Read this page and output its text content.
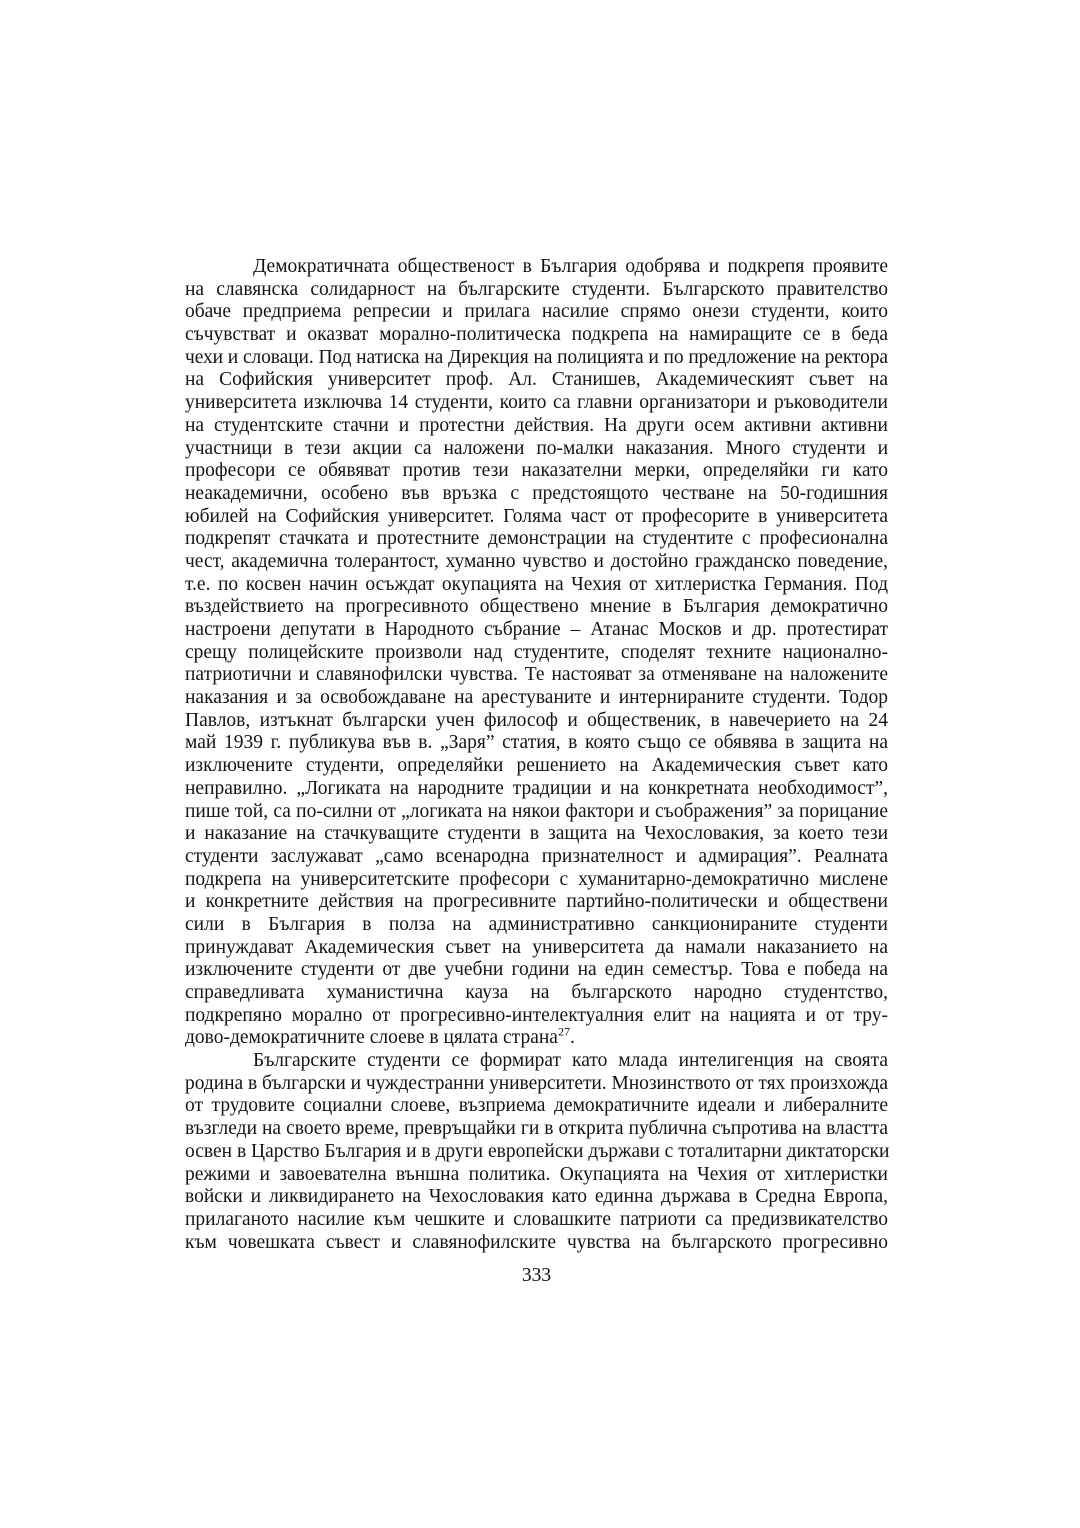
Демократичната общественост в България одобрява и подкрепя проявите
на славянска солидарност на българските студенти. Българското правителство
обаче предприема репресии и прилага насилие спрямо онези студенти, които
съчувстват и оказват морално-политическа подкрепа на намиращите се в беда
чехи и словаци. Под натиска на Дирекция на полицията и по предложение на ректора
на Софийския университет проф. Ал. Станишев, Академическият съвет на
университета изключва 14 студенти, които са главни организатори и ръководители
на студентските стачни и протестни действия. На други осем активни активни
участници в тези акции са наложени по-малки наказания. Много студенти и
професори се обявяват против тези наказателни мерки, определяйки ги като
неакадемични, особено във връзка с предстоящото честване на 50-годишния
юбилей на Софийския университет. Голяма част от професорите в университета
подкрепят стачката и протестните демонстрации на студентите с професионална
чест, академична толерантост, хуманно чувство и достойно гражданско поведение,
т.е. по косвен начин осъждат окупацията на Чехия от хитлеристка Германия. Под
въздействието на прогресивното обществено мнение в България демократично
настроени депутати в Народното събрание – Атанас Москов и др. протестират
срещу полицейските произволи над студентите, споделят техните национално-
патриотични и славянофилски чувства. Те настояват за отменяване на наложените
наказания и за освобождаване на арестуваните и интернираните студенти. Тодор
Павлов, изтъкнат български учен философ и общественик, в навечерието на 24
май 1939 г. публикува във в. „Заря” статия, в която също се обявява в защита на
изключените студенти, определяйки решението на Академическия съвет като
неправилно. „Логиката на народните традиции и на конкретната необходимост”,
пише той, са по-силни от „логиката на някои фактори и съображения” за порицание
и наказание на стачкуващите студенти в защита на Чехословакия, за което тези
студенти заслужават „само всенародна признателност и адмирация”. Реалната
подкрепа на университетските професори с хуманитарно-демократично мислене
и конкретните действия на прогресивните партийно-политически и обществени
сили в България в полза на административно санкционираните студенти
принуждават Академическия съвет на университета да намали наказанието на
изключените студенти от две учебни години на един семестър. Това е победа на
справедливата хуманистична кауза на българското народно студентство,
подкрепяно морално от прогресивно-интелектуалния елит на нацията и от тру-
дово-демократичните слоеве в цялата страна$^{27}$.
Българските студенти се формират като млада интелигенция на своята
родина в български и чуждестранни университети. Мнозинството от тях произхожда
от трудовите социални слоеве, възприема демократичните идеали и либералните
възгледи на своето време, превръщайки ги в открита публична съпротива на властта
освен в Царство България и в други европейски държави с тоталитарни диктаторски
режими и завоевателна външна политика. Окупацията на Чехия от хитлеристки
войски и ликвидирането на Чехословакия като единна държава в Средна Европа,
прилаганото насилие към чешките и словашките патриоти са предизвикателство
към човешката съвест и славянофилските чувства на българското прогресивно
333
